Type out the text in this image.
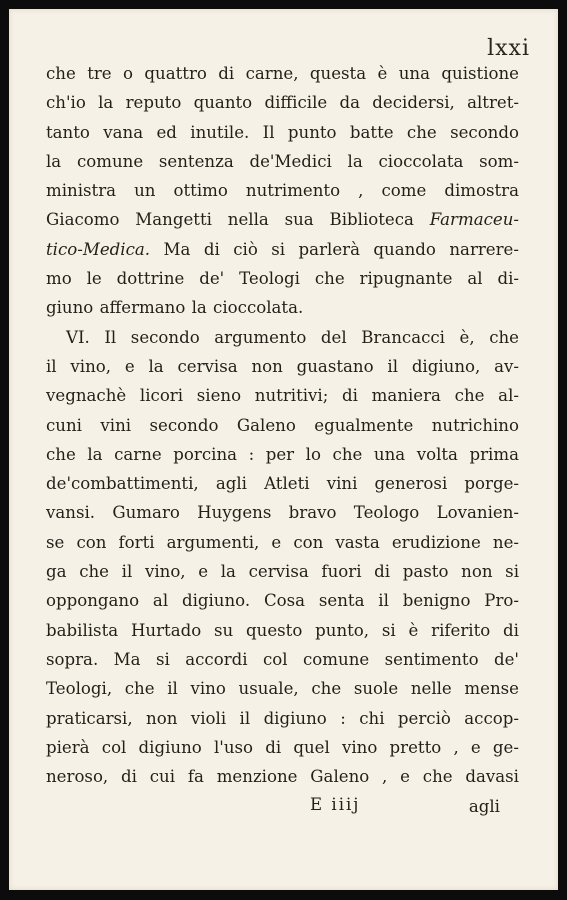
lxxi
che tre o quattro di carne, questa è una quistione
ch'io la reputo quanto difficile da decidersi, altret-
tanto vana ed inutile. Il punto batte che secondo
la comune sentenza de'Medici la cioccolata som-
ministra un ottimo nutrimento , come dimostra
Giacomo Mangetti nella sua Biblioteca Farmaceu-
tico-Medica. Ma di ciò si parlerà quando narrere-
mo le dottrine de' Teologi che ripugnante al di-
giuno affermano la cioccolata.
VI. Il secondo argumento del Brancacci è, che
il vino, e la cervisa non guastano il digiuno, av-
vegnachè licori sieno nutritivi; di maniera che al-
cuni vini secondo Galeno egualmente nutrichino
che la carne porcina : per lo che una volta prima
de'combattimenti, agli Atleti vini generosi porge-
vansi. Gumaro Huygens bravo Teologo Lovanien-
se con forti argumenti, e con vasta erudizione ne-
ga che il vino, e la cervisa fuori di pasto non si
oppongano al digiuno. Cosa senta il benigno Pro-
babilista Hurtado su questo punto, si è riferito di
sopra. Ma si accordi col comune sentimento de'
Teologi, che il vino usuale, che suole nelle mense
praticarsi, non violi il digiuno : chi perciò accop-
pierà col digiuno l'uso di quel vino pretto , e ge-
neroso, di cui fa menzione Galeno , e che davasi
E iiij	agli
